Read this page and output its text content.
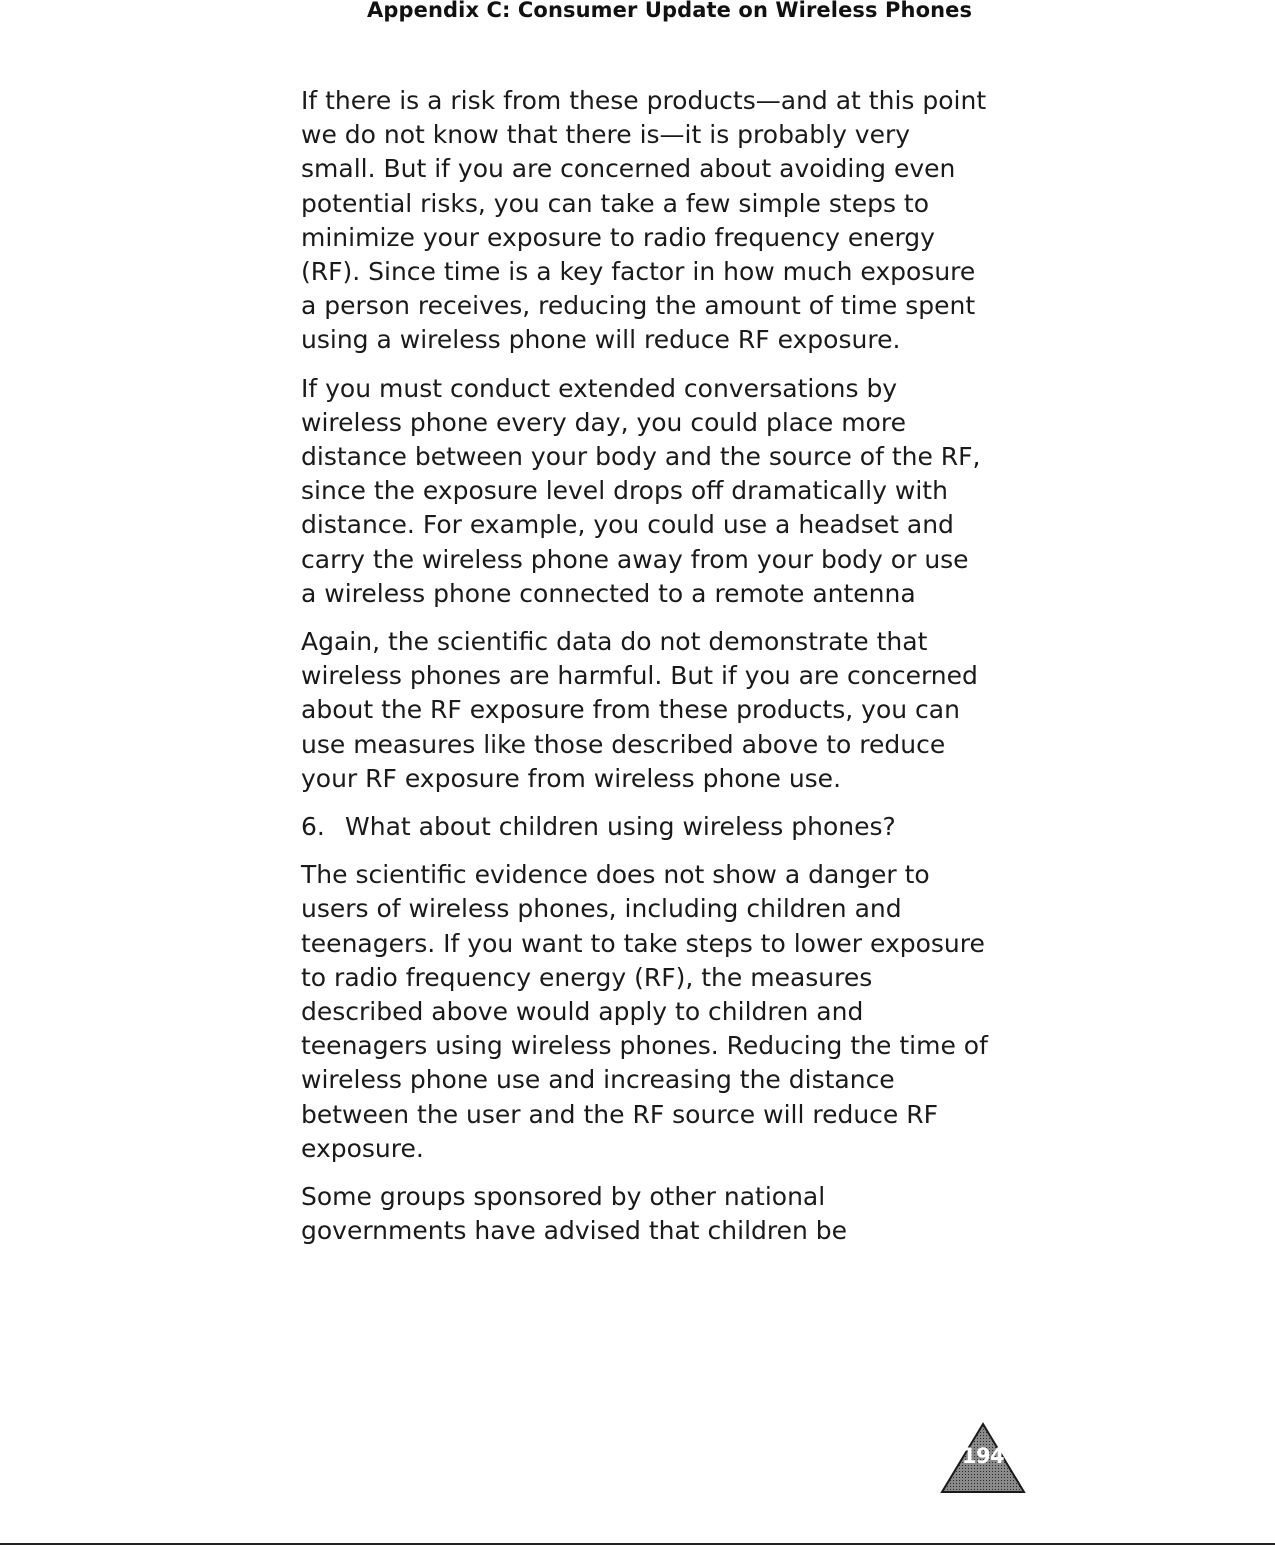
Appendix C: Consumer Update on Wireless Phones

If there is a risk from these products—and at this point we do not know that there is—it is probably very small. But if you are concerned about avoiding even potential risks, you can take a few simple steps to minimize your exposure to radio frequency energy (RF). Since time is a key factor in how much exposure a person receives, reducing the amount of time spent using a wireless phone will reduce RF exposure.

If you must conduct extended conversations by wireless phone every day, you could place more distance between your body and the source of the RF, since the exposure level drops off dramatically with distance. For example, you could use a headset and carry the wireless phone away from your body or use a wireless phone connected to a remote antenna

Again, the scientific data do not demonstrate that wireless phones are harmful. But if you are concerned about the RF exposure from these products, you can use measures like those described above to reduce your RF exposure from wireless phone use.

6. What about children using wireless phones?

The scientific evidence does not show a danger to users of wireless phones, including children and teenagers. If you want to take steps to lower exposure to radio frequency energy (RF), the measures described above would apply to children and teenagers using wireless phones. Reducing the time of wireless phone use and increasing the distance between the user and the RF source will reduce RF exposure.

Some groups sponsored by other national governments have advised that children be

194
